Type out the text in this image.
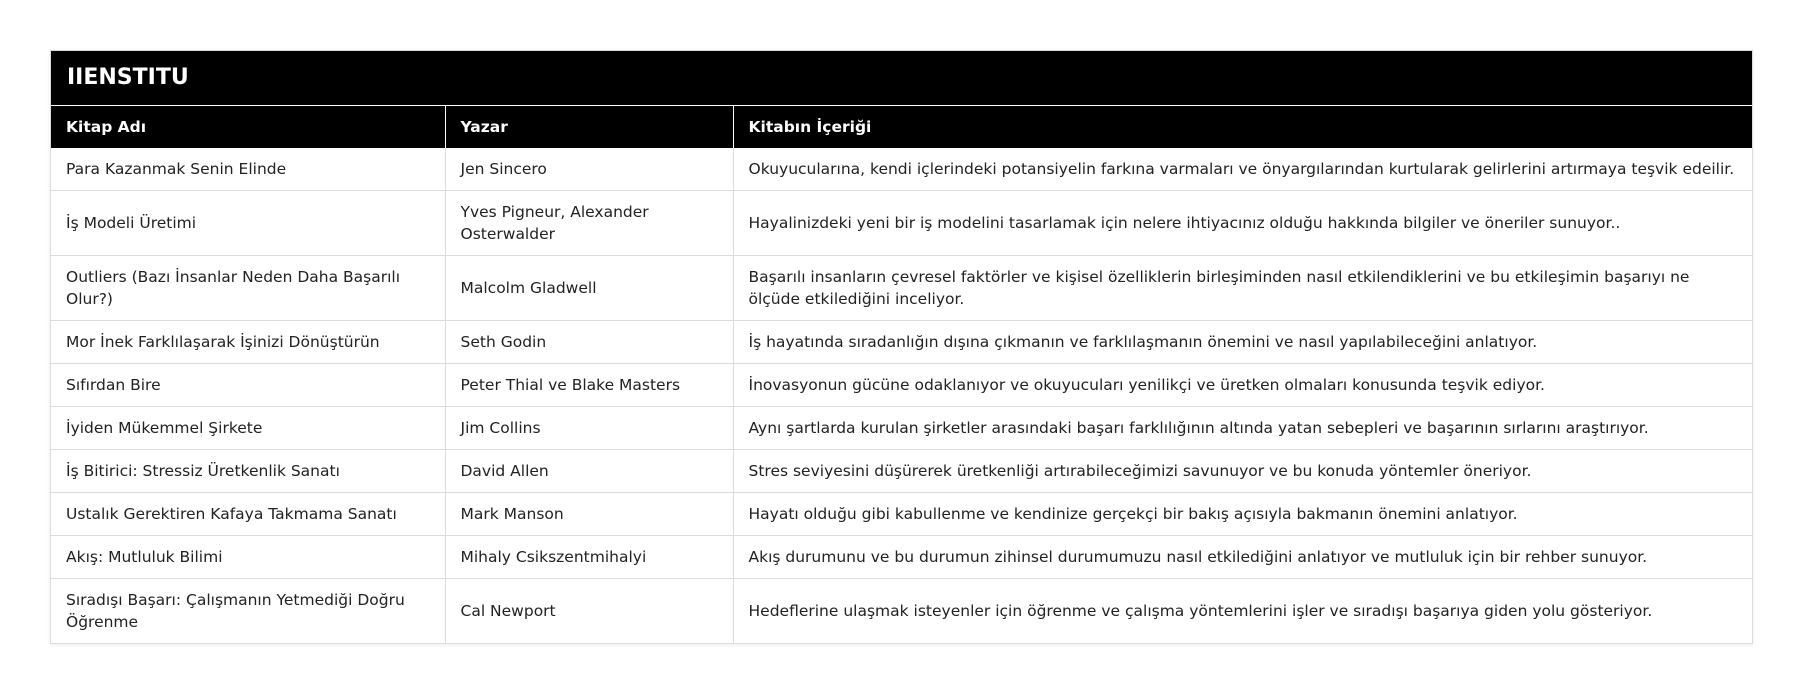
IIENSTITU
Kitap Adı	Yazar	Kitabın İçeriği
Para Kazanmak Senin Elinde	Jen Sincero	Okuyucularına, kendi içlerindeki potansiyelin farkına varmaları ve önyargılarından kurtularak gelirlerini artırmaya teşvik edeilir.
İş Modeli Üretimi	Yves Pigneur, Alexander Osterwalder	Hayalinizdeki yeni bir iş modelini tasarlamak için nelere ihtiyacınız olduğu hakkında bilgiler ve öneriler sunuyor..
Outliers (Bazı İnsanlar Neden Daha Başarılı Olur?)	Malcolm Gladwell	Başarılı insanların çevresel faktörler ve kişisel özelliklerin birleşiminden nasıl etkilendiklerini ve bu etkileşimin başarıyı ne ölçüde etkilediğini inceliyor.
Mor İnek Farklılaşarak İşinizi Dönüştürün	Seth Godin	İş hayatında sıradanlığın dışına çıkmanın ve farklılaşmanın önemini ve nasıl yapılabileceğini anlatıyor.
Sıfırdan Bire	Peter Thial ve Blake Masters	İnovasyonun gücüne odaklanıyor ve okuyucuları yenilikçi ve üretken olmaları konusunda teşvik ediyor.
İyiden Mükemmel Şirkete	Jim Collins	Aynı şartlarda kurulan şirketler arasındaki başarı farklılığının altında yatan sebepleri ve başarının sırlarını araştırıyor.
İş Bitirici: Stressiz Üretkenlik Sanatı	David Allen	Stres seviyesini düşürerek üretkenliği artırabileceğimizi savunuyor ve bu konuda yöntemler öneriyor.
Ustalık Gerektiren Kafaya Takmama Sanatı	Mark Manson	Hayatı olduğu gibi kabullenme ve kendinize gerçekçi bir bakış açısıyla bakmanın önemini anlatıyor.
Akış: Mutluluk Bilimi	Mihaly Csikszentmihalyi	Akış durumunu ve bu durumun zihinsel durumumuzu nasıl etkilediğini anlatıyor ve mutluluk için bir rehber sunuyor.
Sıradışı Başarı: Çalışmanın Yetmediği Doğru Öğrenme	Cal Newport	Hedeflerine ulaşmak isteyenler için öğrenme ve çalışma yöntemlerini işler ve sıradışı başarıya giden yolu gösteriyor.
